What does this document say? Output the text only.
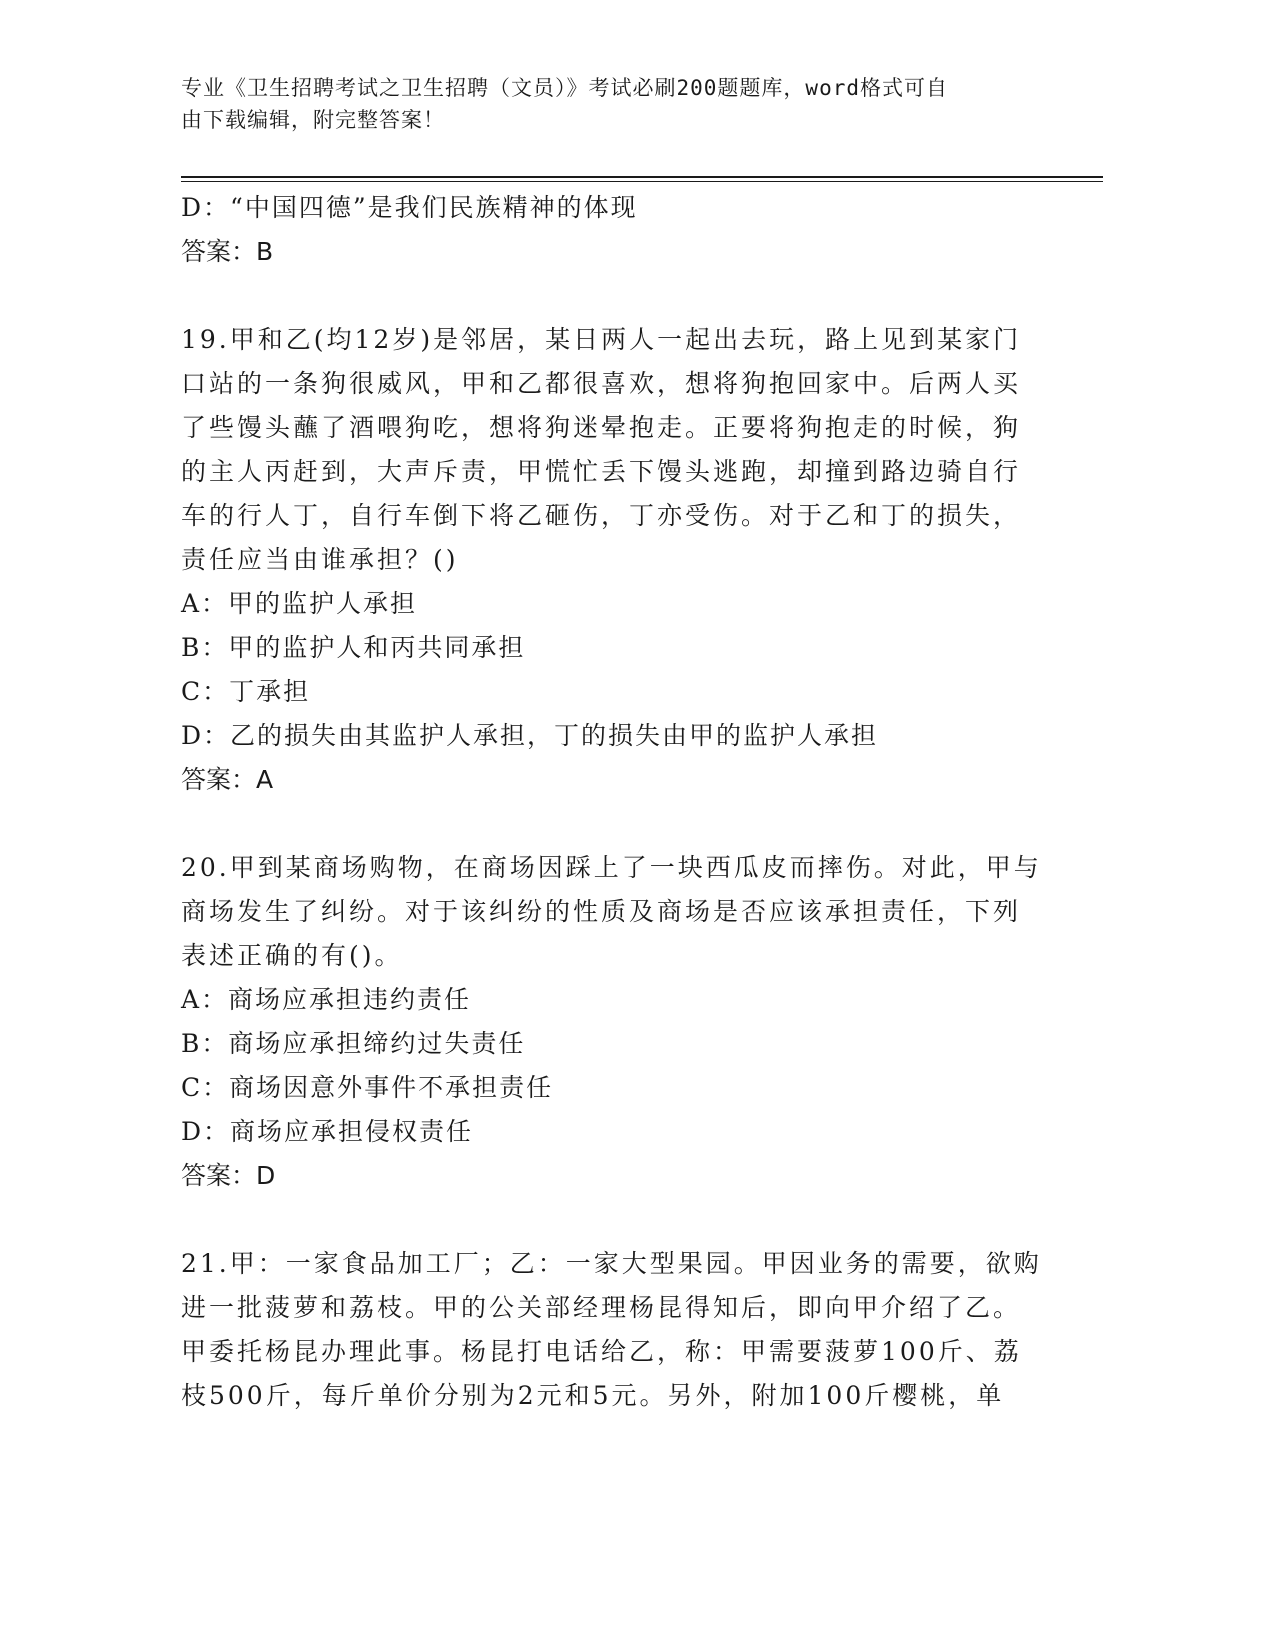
专业《卫生招聘考试之卫生招聘（文员）》考试必刷200题题库，word格式可自
由下载编辑，附完整答案！
D：“中国四德”是我们民族精神的体现
答案：B
19.甲和乙(均12岁)是邻居，某日两人一起出去玩，路上见到某家门
口站的一条狗很威风，甲和乙都很喜欢，想将狗抱回家中。后两人买
了些馒头蘸了酒喂狗吃，想将狗迷晕抱走。正要将狗抱走的时候，狗
的主人丙赶到，大声斥责，甲慌忙丢下馒头逃跑，却撞到路边骑自行
车的行人丁，自行车倒下将乙砸伤，丁亦受伤。对于乙和丁的损失，
责任应当由谁承担？()
A：甲的监护人承担
B：甲的监护人和丙共同承担
C：丁承担
D：乙的损失由其监护人承担，丁的损失由甲的监护人承担
答案：A
20.甲到某商场购物，在商场因踩上了一块西瓜皮而摔伤。对此，甲与
商场发生了纠纷。对于该纠纷的性质及商场是否应该承担责任，下列
表述正确的有()。
A：商场应承担违约责任
B：商场应承担缔约过失责任
C：商场因意外事件不承担责任
D：商场应承担侵权责任
答案：D
21.甲：一家食品加工厂；乙：一家大型果园。甲因业务的需要，欲购
进一批菠萝和荔枝。甲的公关部经理杨昆得知后，即向甲介绍了乙。
甲委托杨昆办理此事。杨昆打电话给乙，称：甲需要菠萝100斤、荔
枝500斤，每斤单价分别为2元和5元。另外，附加100斤樱桃，单
